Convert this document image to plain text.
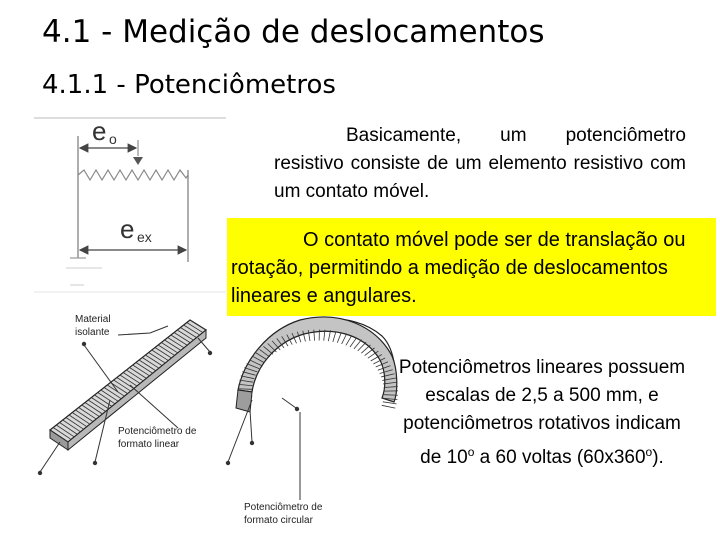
4.1 - Medição de deslocamentos
4.1.1 - Potenciômetros
e o
e ex
Material
isolante
Potenciômetro de
formato linear
Potenciômetro de
formato circular
Basicamente, um potenciômetro resistivo consiste de um elemento resistivo com um contato móvel.

O contato móvel pode ser de translação ou rotação, permitindo a medição de deslocamentos lineares e angulares.

Potenciômetros lineares possuem escalas de 2,5 a 500 mm, e potenciômetros rotativos indicam de 10$^o$ a 60 voltas (60x360$^o$).
